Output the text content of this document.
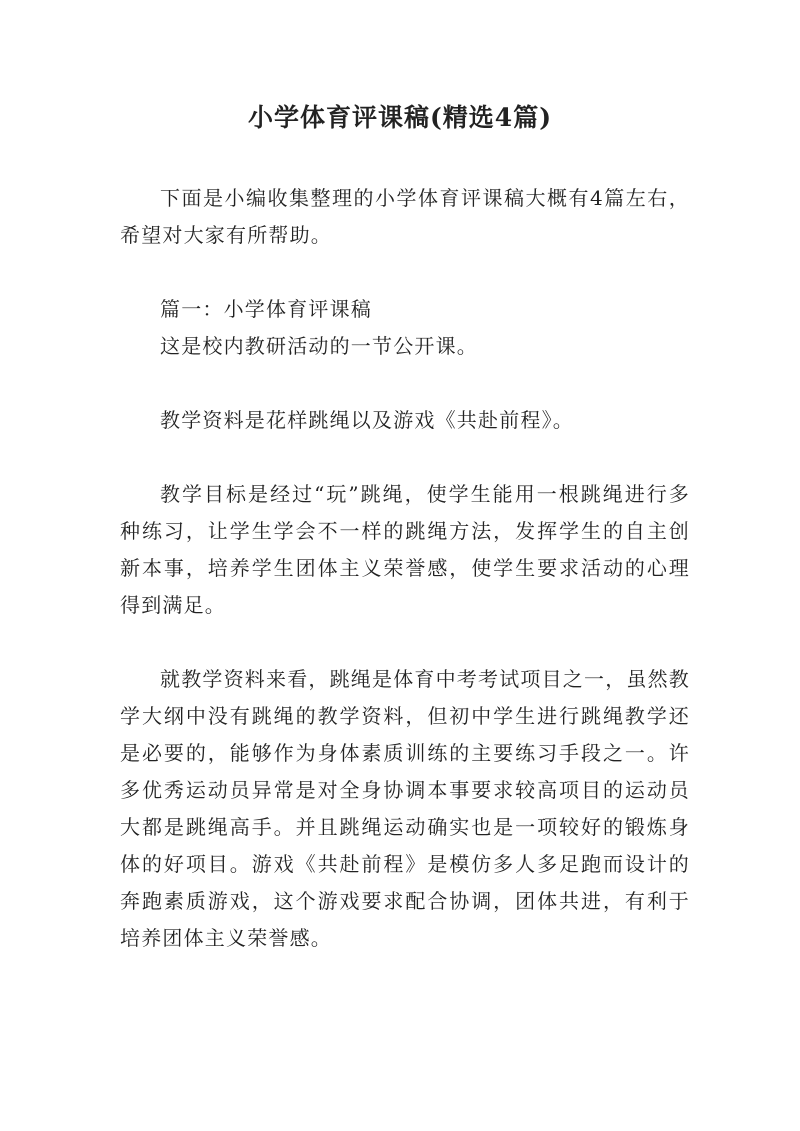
小学体育评课稿(精选4篇)

下面是小编收集整理的小学体育评课稿大概有4篇左右，希望对大家有所帮助。

篇一：小学体育评课稿

这是校内教研活动的一节公开课。

教学资料是花样跳绳以及游戏《共赴前程》。

教学目标是经过“玩”跳绳，使学生能用一根跳绳进行多种练习，让学生学会不一样的跳绳方法，发挥学生的自主创新本事，培养学生团体主义荣誉感，使学生要求活动的心理得到满足。

就教学资料来看，跳绳是体育中考考试项目之一，虽然教学大纲中没有跳绳的教学资料，但初中学生进行跳绳教学还是必要的，能够作为身体素质训练的主要练习手段之一。许多优秀运动员异常是对全身协调本事要求较高项目的运动员大都是跳绳高手。并且跳绳运动确实也是一项较好的锻炼身体的好项目。游戏《共赴前程》是模仿多人多足跑而设计的奔跑素质游戏，这个游戏要求配合协调，团体共进，有利于培养团体主义荣誉感。
